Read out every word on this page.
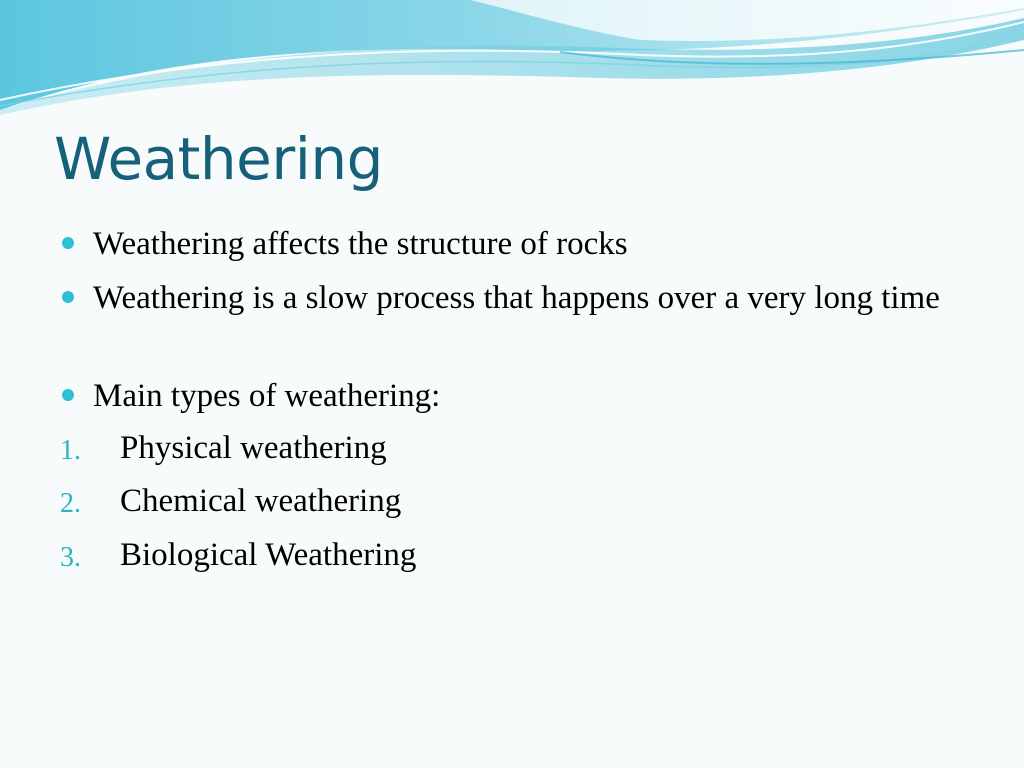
Weathering
Weathering affects the structure of rocks
Weathering is a slow process that happens over a very long time
Main types of weathering:
1. Physical weathering
2. Chemical weathering
3. Biological Weathering
